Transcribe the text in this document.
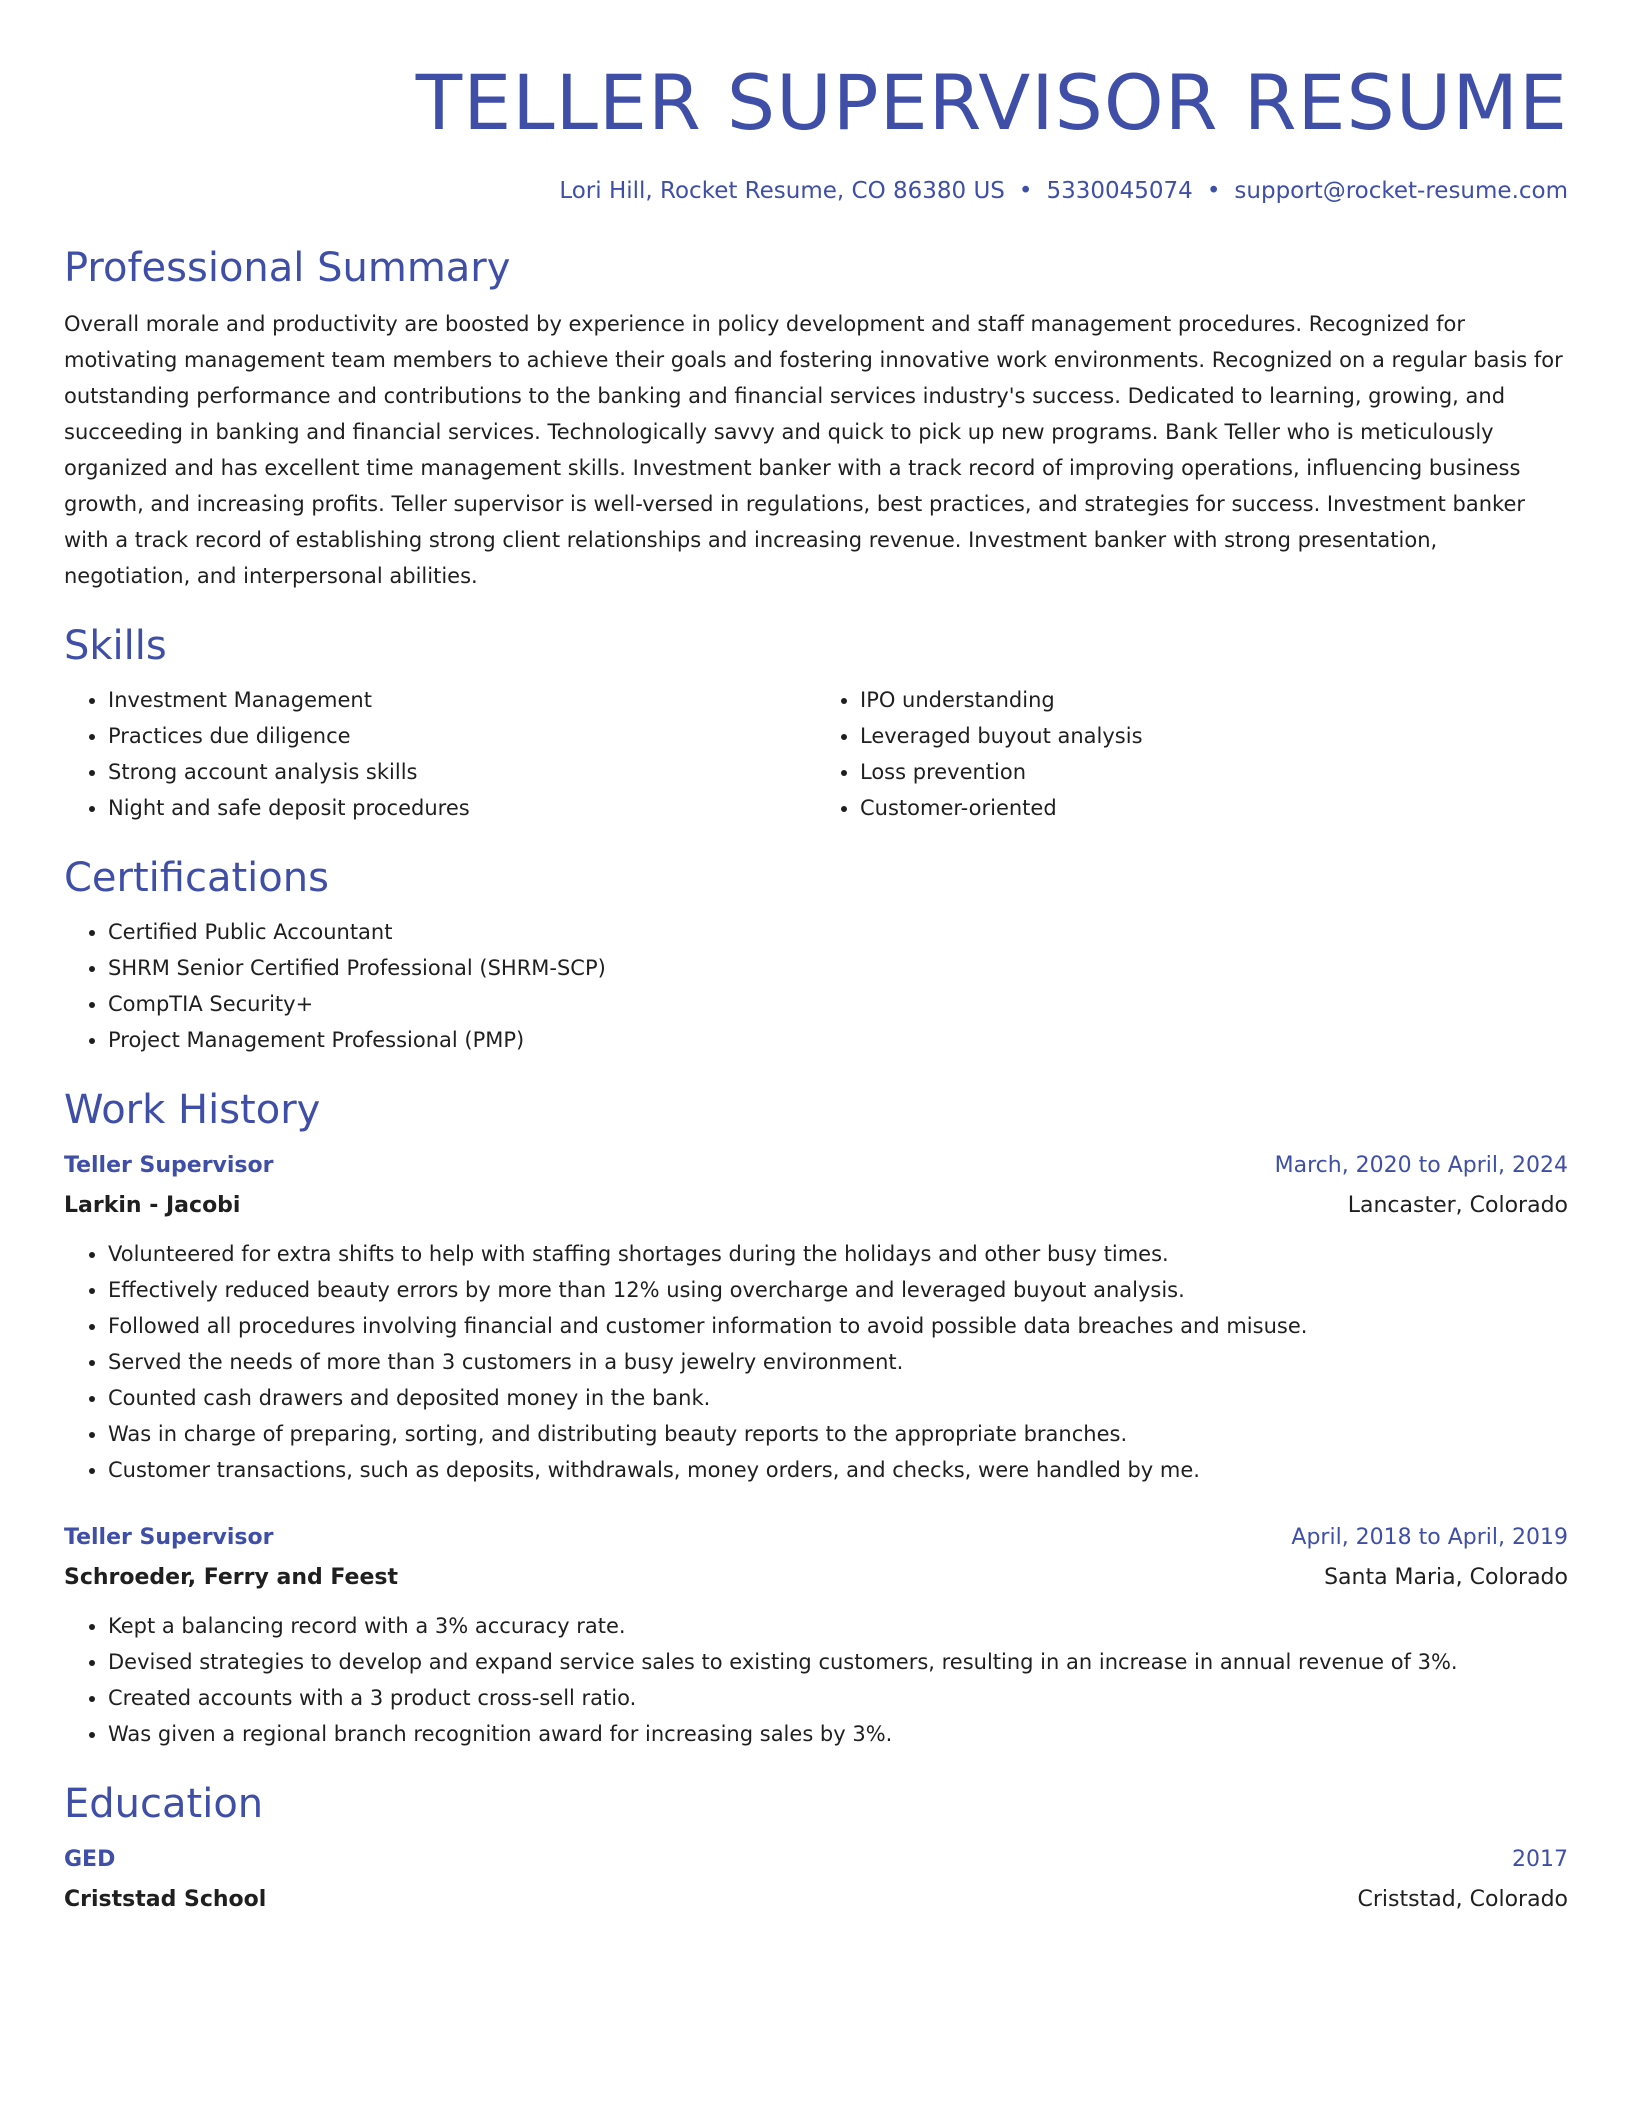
TELLER SUPERVISOR RESUME
Lori Hill, Rocket Resume, CO 86380 US • 5330045074 • support@rocket-resume.com
Professional Summary

Overall morale and productivity are boosted by experience in policy development and staff management procedures. Recognized for motivating management team members to achieve their goals and fostering innovative work environments. Recognized on a regular basis for outstanding performance and contributions to the banking and financial services industry's success. Dedicated to learning, growing, and succeeding in banking and financial services. Technologically savvy and quick to pick up new programs. Bank Teller who is meticulously organized and has excellent time management skills. Investment banker with a track record of improving operations, influencing business growth, and increasing profits. Teller supervisor is well-versed in regulations, best practices, and strategies for success. Investment banker with a track record of establishing strong client relationships and increasing revenue. Investment banker with strong presentation, negotiation, and interpersonal abilities.

Skills
• Investment Management
• Practices due diligence
• Strong account analysis skills
• Night and safe deposit procedures
• IPO understanding
• Leveraged buyout analysis
• Loss prevention
• Customer-oriented
Certifications
• Certified Public Accountant
• SHRM Senior Certified Professional (SHRM-SCP)
• CompTIA Security+
• Project Management Professional (PMP)
Work History
Teller Supervisor	March, 2020 to April, 2024
Larkin - Jacobi	Lancaster, Colorado
• Volunteered for extra shifts to help with staffing shortages during the holidays and other busy times.
• Effectively reduced beauty errors by more than 12% using overcharge and leveraged buyout analysis.
• Followed all procedures involving financial and customer information to avoid possible data breaches and misuse.
• Served the needs of more than 3 customers in a busy jewelry environment.
• Counted cash drawers and deposited money in the bank.
• Was in charge of preparing, sorting, and distributing beauty reports to the appropriate branches.
• Customer transactions, such as deposits, withdrawals, money orders, and checks, were handled by me.
Teller Supervisor	April, 2018 to April, 2019
Schroeder, Ferry and Feest	Santa Maria, Colorado
• Kept a balancing record with a 3% accuracy rate.
• Devised strategies to develop and expand service sales to existing customers, resulting in an increase in annual revenue of 3%.
• Created accounts with a 3 product cross-sell ratio.
• Was given a regional branch recognition award for increasing sales by 3%.
Education
GED	2017
Criststad School	Criststad, Colorado
